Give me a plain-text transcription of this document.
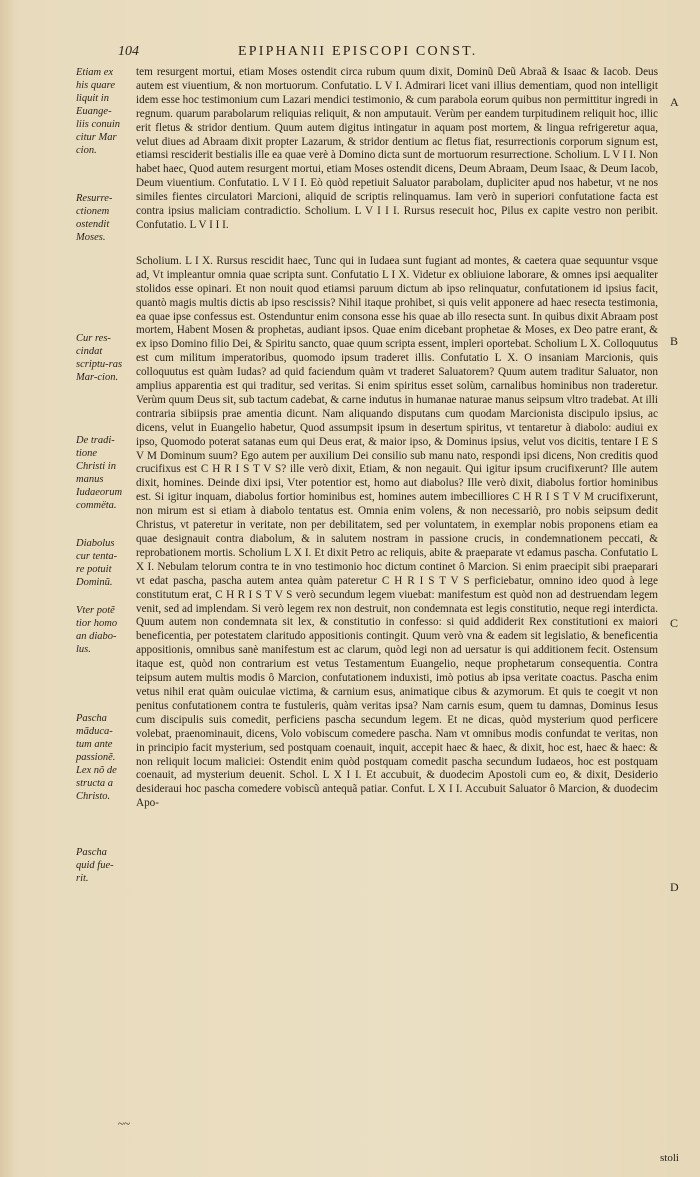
104	EPIPHANII EPISCOPI CONST.
Etiam ex his quare liquit in Euange-liis conuin citur Mar cion.
Resurre-ctionem ostendit Moses.
Cur res-cindat scriptu-ras Mar-cion.
De tradi-tione Christi in manus Iudaeorum commëta.
Diabolus cur tenta-re potuit Dominũ.
Vter potẽ tior homo an diabo-lus.
Pascha mãduca-tum ante passionẽ. Lex nõ de structa a Christo.
Pascha quid fue-rit.
A
B
C
D

tem resurgent mortui, etiam Moses ostendit circa rubum quum dixit, Dominũ Deũ Abraã & Isaac & Iacob. Deus autem est viuentium, & non mortuorum. Confutatio. L V I. Admirari licet vani illius dementiam, quod non intelligit idem esse hoc testimonium cum Lazari mendici testimonio, & cum parabola eorum quibus non permittitur ingredi in regnum. quarum parabolarum reliquias reliquit, & non amputauit. Verùm per eandem turpitudinem reliquit hoc, illic erit fletus & stridor dentium. Quum autem digitus intingatur in aquam post mortem, & lingua refrigeretur aqua, velut diues ad Abraam dixit propter Lazarum, & stridor dentium ac fletus fiat, resurrectionis corporum signum est, etiamsi resciderit bestialis ille ea quae verè à Domino dicta sunt de mortuorum resurrectione. Scholium. L V I I. Non habet haec, Quod autem resurgent mortui, etiam Moses ostendit dicens, Deum Abraam, Deum Isaac, & Deum Iacob, Deum viuentium. Confutatio. L V I I. Eò quòd repetiuit Saluator parabolam, dupliciter apud nos habetur, vt ne nos similes fientes circulatori Marcioni, aliquid de scriptis relinquamus. Iam verò in superiori confutatione facta est contra ipsius maliciam contradictio. Scholium. L V I I I. Rursus resecuit hoc, Pilus ex capite vestro non peribit. Confutatio. L V I I I.

Scholium. L I X. Rursus rescidit haec, Tunc qui in Iudaea sunt fugiant ad montes, & caetera quae sequuntur vsque ad, Vt impleantur omnia quae scripta sunt. Confutatio L I X. Videtur ex obliuione laborare, & omnes ipsi aequaliter stolidos esse opinari. Et non nouit quod etiamsi paruum dictum ab ipso relinquatur, confutationem id ipsius facit, quantò magis multis dictis ab ipso rescissis? Nihil itaque prohibet, si quis velit apponere ad haec resecta testimonia, ea quae ipse confessus est. Ostenduntur enim consona esse his quae ab illo resecta sunt. In quibus dixit Abraam post mortem, Habent Mosen & prophetas, audiant ipsos. Quae enim dicebant prophetae & Moses, ex Deo patre erant, & ex ipso Domino filio Dei, & Spiritu sancto, quae quum scripta essent, impleri oportebat. Scholium L X. Colloquutus est cum militum imperatoribus, quomodo ipsum traderet illis. Confutatio L X. O insaniam Marcionis, quis colloquutus est quàm Iudas? ad quid faciendum quàm vt traderet Saluatorem? Quum autem traditur Saluator, non amplius apparentia est qui traditur, sed veritas. Si enim spiritus esset solùm, carnalibus hominibus non traderetur. Verùm quum Deus sit, sub tactum cadebat, & carne indutus in humanae naturae manus seipsum vltro tradebat. At illi contraria sibiipsis prae amentia dicunt. Nam aliquando disputans cum quodam Marcionista discipulo ipsius, ac dicens, velut in Euangelio habetur, Quod assumpsit ipsum in desertum spiritus, vt tentaretur à diabolo: audiui ex ipso, Quomodo poterat satanas eum qui Deus erat, & maior ipso, & Dominus ipsius, velut vos dicitis, tentare I E S V M Dominum suum? Ego autem per auxilium Dei consilio sub manu nato, respondi ipsi dicens, Non creditis quod crucifixus est C H R I S T V S? ille verò dixit, Etiam, & non negauit. Qui igitur ipsum crucifixerunt? Ille autem dixit, homines. Deinde dixi ipsi, Vter potentior est, homo aut diabolus? Ille verò dixit, diabolus fortior hominibus est. Si igitur inquam, diabolus fortior hominibus est, homines autem imbecilliores C H R I S T V M crucifixerunt, non mirum est si etiam à diabolo tentatus est. Omnia enim volens, & non necessariò, pro nobis seipsum dedit Christus, vt pateretur in veritate, non per debilitatem, sed per voluntatem, in exemplar nobis proponens etiam ea quae designauit contra diabolum, & in salutem nostram in passione crucis, in condemnationem peccati, & reprobationem mortis. Scholium L X I. Et dixit Petro ac reliquis, abite & praeparate vt edamus pascha. Confutatio L X I. Nebulam telorum contra te in vno testimonio hoc dictum continet ô Marcion. Si enim praecipit sibi praeparari vt edat pascha, pascha autem antea quàm pateretur C H R I S T V S perficiebatur, omnino ideo quod à lege constitutum erat, C H R I S T V S verò secundum legem viuebat: manifestum est quòd non ad destruendam legem venit, sed ad implendam. Si verò legem rex non destruit, non condemnata est legis constitutio, neque regi interdicta. Quum autem non condemnata sit lex, & constitutio in confesso: si quid addiderit Rex constitutioni ex maiori beneficentia, per potestatem claritudo appositionis contingit. Quum verò vna & eadem sit legislatio, & beneficentia appositionis, omnibus sanè manifestum est ac clarum, quòd legi non ad uersatur is qui additionem fecit. Ostensum itaque est, quòd non contrarium est vetus Testamentum Euangelio, neque prophetarum consequentia. Contra teipsum autem multis modis ô Marcion, confutationem induxisti, imò potius ab ipsa veritate coactus. Pascha enim vetus nihil erat quàm ouiculae victima, & carnium esus, animatique cibus & azymorum. Et quis te coegit vt non penitus confutationem contra te fustuleris, quàm veritas ipsa? Nam carnis esum, quem tu damnas, Dominus Iesus cum discipulis suis comedit, perficiens pascha secundum legem. Et ne dicas, quòd mysterium quod perficere volebat, praenominauit, dicens, Volo vobiscum comedere pascha. Nam vt omnibus modis confundat te veritas, non in principio facit mysterium, sed postquam coenauit, inquit, accepit haec & haec, & dixit, hoc est, haec & haec: & non reliquit locum maliciei: Ostendit enim quòd postquam comedit pascha secundum Iudaeos, hoc est postquam coenauit, ad mysterium deuenit. Schol. L X I I. Et accubuit, & duodecim Apostoli cum eo, & dixit, Desiderio desideraui hoc pascha comedere vobiscũ antequã patiar. Confut. L X I I. Accubuit Saluator ô Marcion, & duodecim Apo-

~~
stoli
